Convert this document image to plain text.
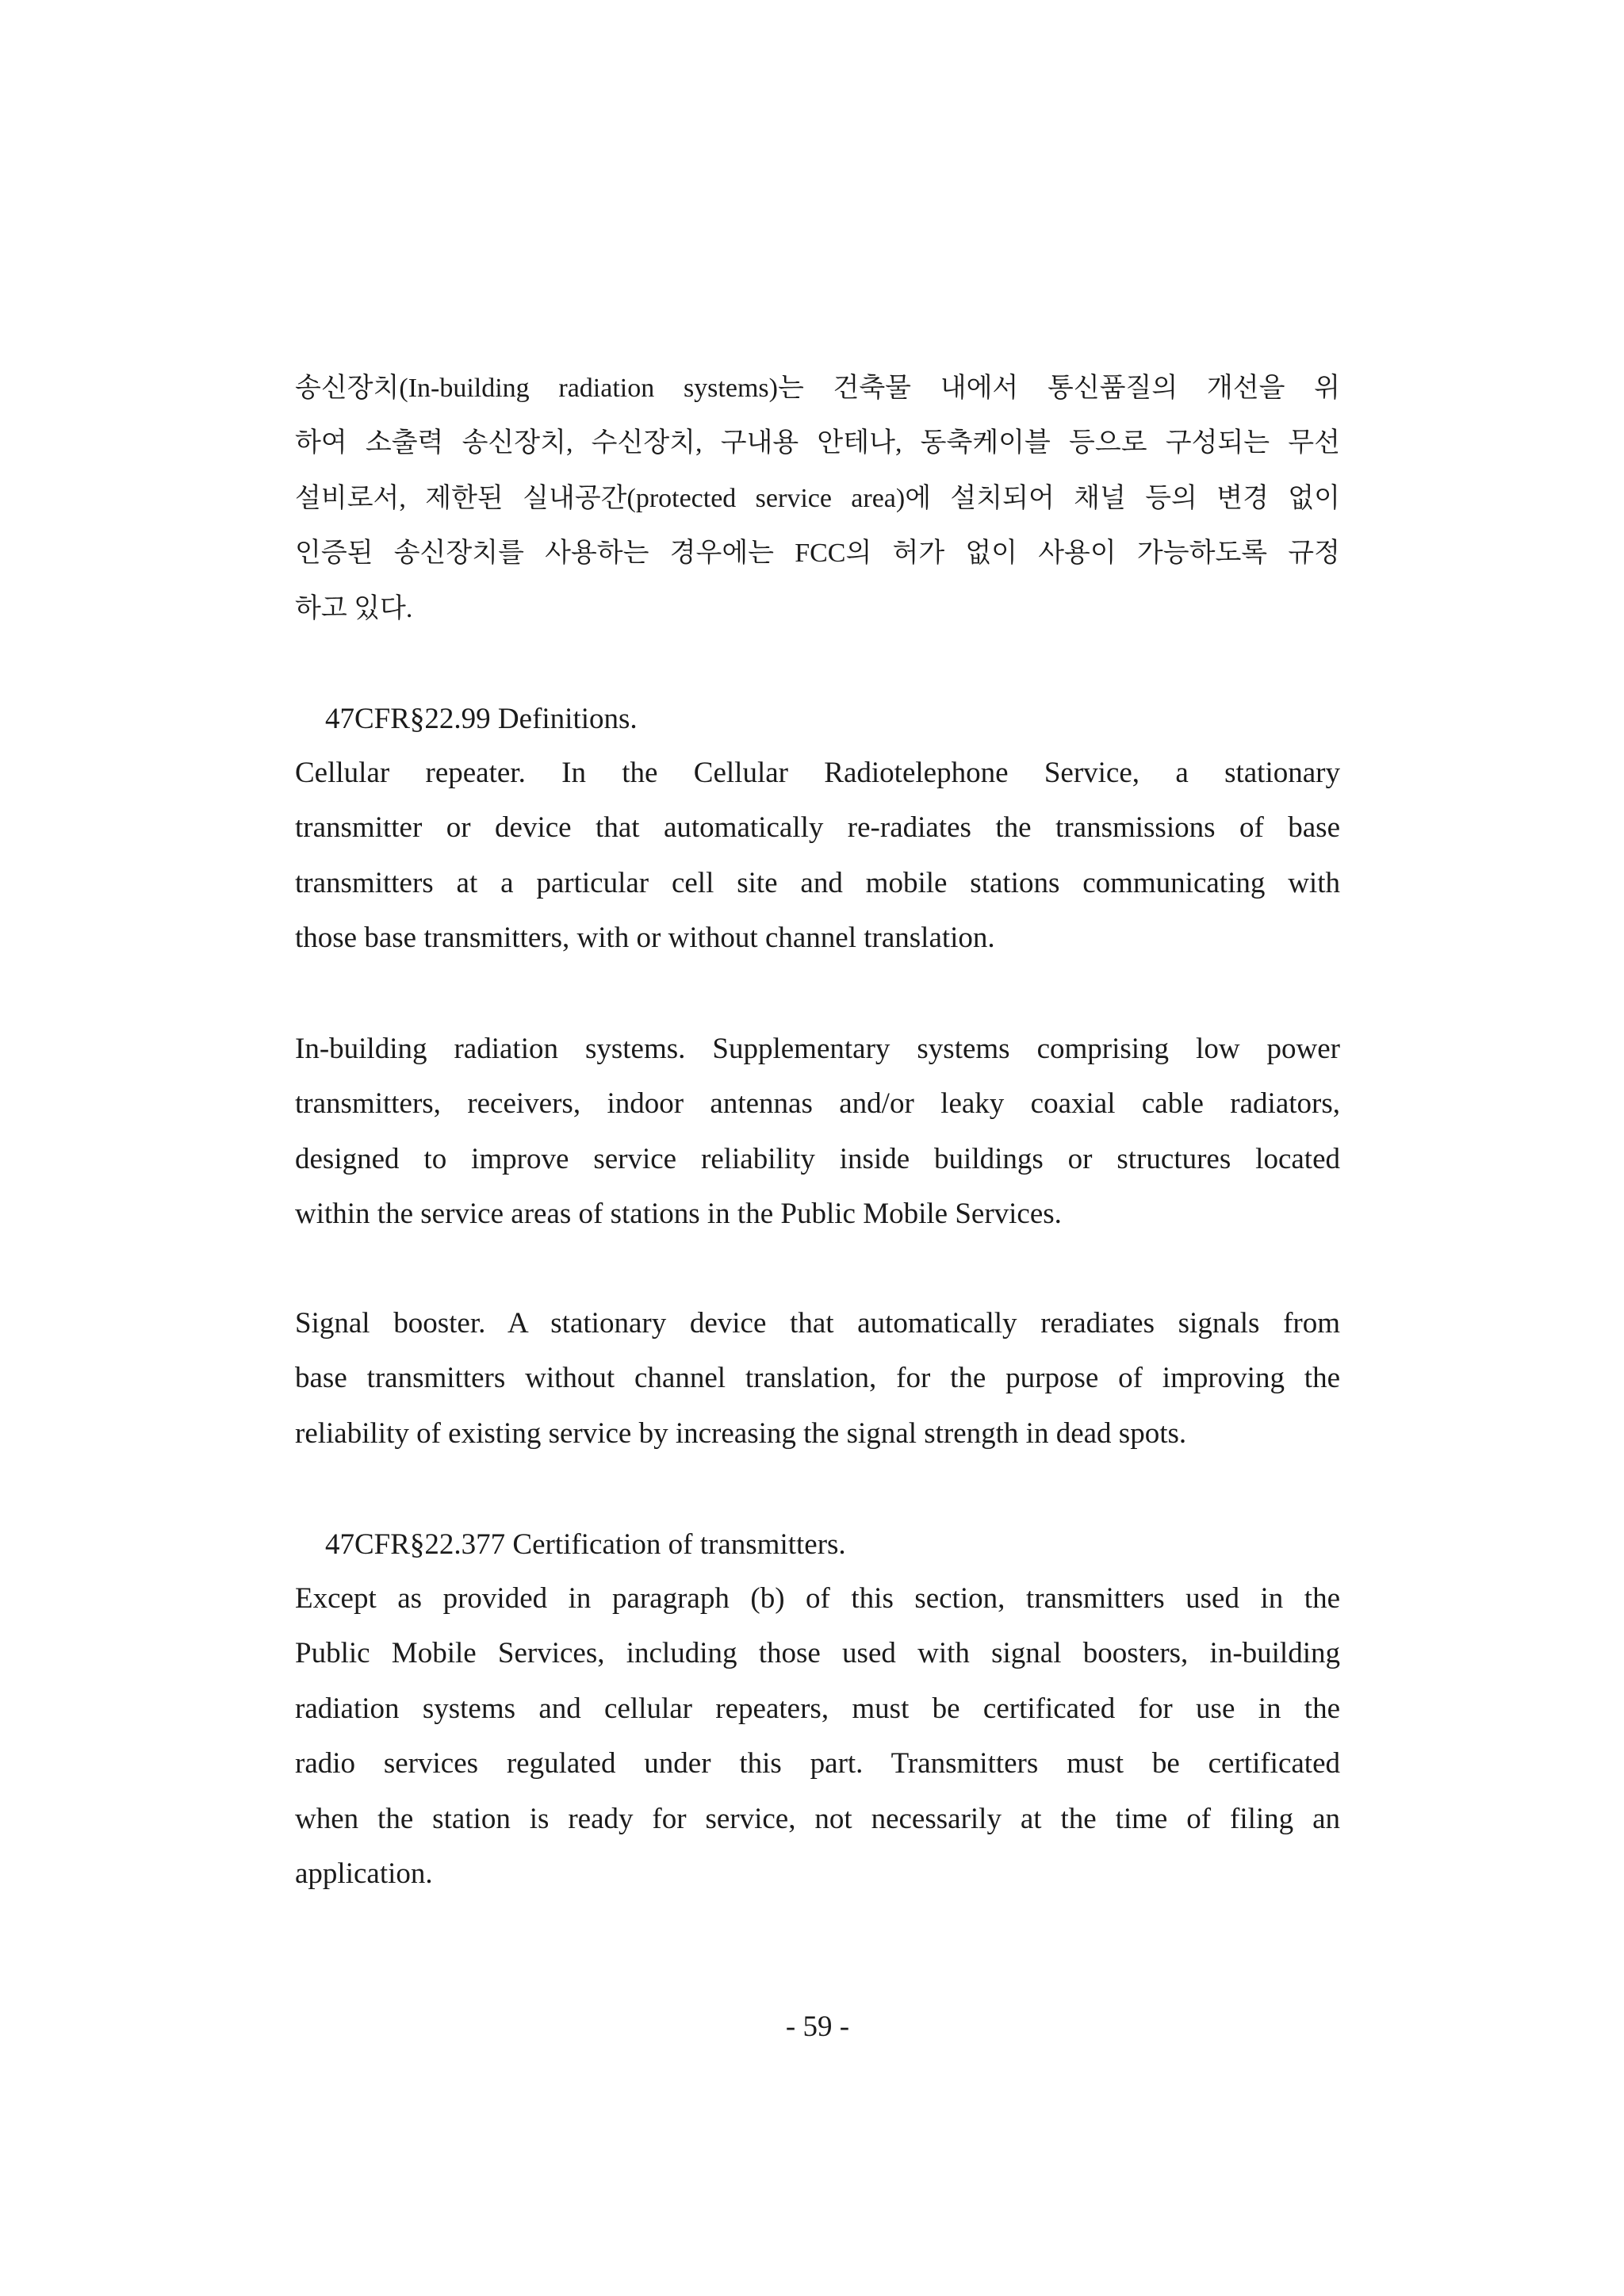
송신장치(In-building radiation systems)는 건축물 내에서 통신품질의 개선을 위
하여 소출력 송신장치, 수신장치, 구내용 안테나, 동축케이블 등으로 구성되는 무선
설비로서, 제한된 실내공간(protected service area)에 설치되어 채널 등의 변경 없이
인증된 송신장치를 사용하는 경우에는 FCC의 허가 없이 사용이 가능하도록 규정
하고 있다.
47CFR§22.99 Definitions.
Cellular repeater. In the Cellular Radiotelephone Service, a stationary
transmitter or device that automatically re-radiates the transmissions of base
transmitters at a particular cell site and mobile stations communicating with
those base transmitters, with or without channel translation.
In-building radiation systems. Supplementary systems comprising low power
transmitters, receivers, indoor antennas and/or leaky coaxial cable radiators,
designed to improve service reliability inside buildings or structures located
within the service areas of stations in the Public Mobile Services.
Signal booster. A stationary device that automatically reradiates signals from
base transmitters without channel translation, for the purpose of improving the
reliability of existing service by increasing the signal strength in dead spots.
47CFR§22.377 Certification of transmitters.
Except as provided in paragraph (b) of this section, transmitters used in the
Public Mobile Services, including those used with signal boosters, in-building
radiation systems and cellular repeaters, must be certificated for use in the
radio services regulated under this part. Transmitters must be certificated
when the station is ready for service, not necessarily at the time of filing an
application.
- 59 -
